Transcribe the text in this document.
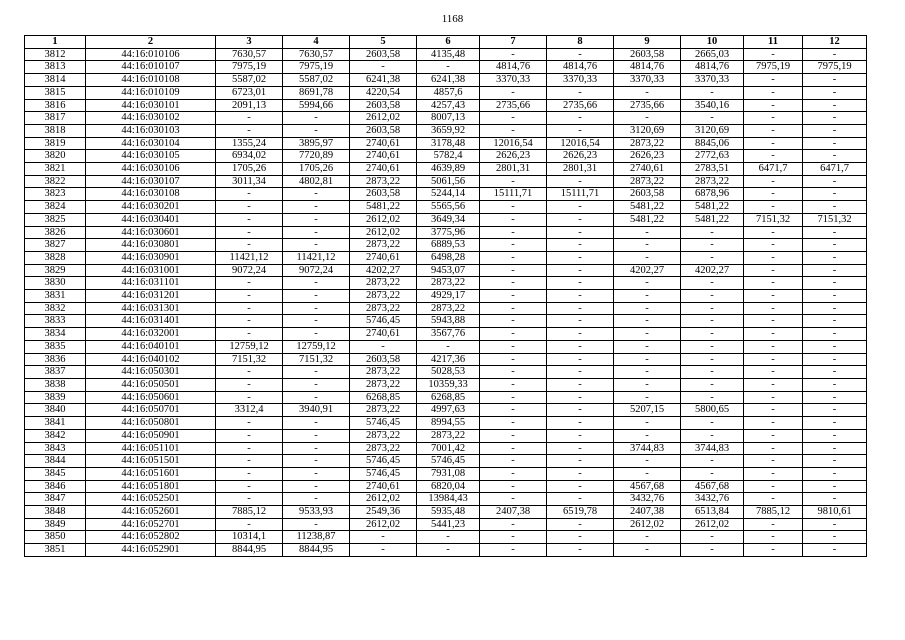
1168
1	2	3	4	5	6	7	8	9	10	11	12
3812	44:16:010106	7630,57	7630,57	2603,58	4135,48	-	-	2603,58	2665,03	-	-
3813	44:16:010107	7975,19	7975,19	-	-	4814,76	4814,76	4814,76	4814,76	7975,19	7975,19
3814	44:16:010108	5587,02	5587,02	6241,38	6241,38	3370,33	3370,33	3370,33	3370,33	-	-
3815	44:16:010109	6723,01	8691,78	4220,54	4857,6	-	-	-	-	-	-
3816	44:16:030101	2091,13	5994,66	2603,58	4257,43	2735,66	2735,66	2735,66	3540,16	-	-
3817	44:16:030102	-	-	2612,02	8007,13	-	-	-	-	-	-
3818	44:16:030103	-	-	2603,58	3659,92	-	-	3120,69	3120,69	-	-
3819	44:16:030104	1355,24	3895,97	2740,61	3178,48	12016,54	12016,54	2873,22	8845,06	-	-
3820	44:16:030105	6934,02	7720,89	2740,61	5782,4	2626,23	2626,23	2626,23	2772,63	-	-
3821	44:16:030106	1705,26	1705,26	2740,61	4639,89	2801,31	2801,31	2740,61	2783,51	6471,7	6471,7
3822	44:16:030107	3011,34	4802,81	2873,22	5061,56	-	-	2873,22	2873,22	-	-
3823	44:16:030108	-	-	2603,58	5244,14	15111,71	15111,71	2603,58	6878,96	-	-
3824	44:16:030201	-	-	5481,22	5565,56	-	-	5481,22	5481,22	-	-
3825	44:16:030401	-	-	2612,02	3649,34	-	-	5481,22	5481,22	7151,32	7151,32
3826	44:16:030601	-	-	2612,02	3775,96	-	-	-	-	-	-
3827	44:16:030801	-	-	2873,22	6889,53	-	-	-	-	-	-
3828	44:16:030901	11421,12	11421,12	2740,61	6498,28	-	-	-	-	-	-
3829	44:16:031001	9072,24	9072,24	4202,27	9453,07	-	-	4202,27	4202,27	-	-
3830	44:16:031101	-	-	2873,22	2873,22	-	-	-	-	-	-
3831	44:16:031201	-	-	2873,22	4929,17	-	-	-	-	-	-
3832	44:16:031301	-	-	2873,22	2873,22	-	-	-	-	-	-
3833	44:16:031401	-	-	5746,45	5943,88	-	-	-	-	-	-
3834	44:16:032001	-	-	2740,61	3567,76	-	-	-	-	-	-
3835	44:16:040101	12759,12	12759,12	-	-	-	-	-	-	-	-
3836	44:16:040102	7151,32	7151,32	2603,58	4217,36	-	-	-	-	-	-
3837	44:16:050301	-	-	2873,22	5028,53	-	-	-	-	-	-
3838	44:16:050501	-	-	2873,22	10359,33	-	-	-	-	-	-
3839	44:16:050601	-	-	6268,85	6268,85	-	-	-	-	-	-
3840	44:16:050701	3312,4	3940,91	2873,22	4997,63	-	-	5207,15	5800,65	-	-
3841	44:16:050801	-	-	5746,45	8994,55	-	-	-	-	-	-
3842	44:16:050901	-	-	2873,22	2873,22	-	-	-	-	-	-
3843	44:16:051101	-	-	2873,22	7001,42	-	-	3744,83	3744,83	-	-
3844	44:16:051501	-	-	5746,45	5746,45	-	-	-	-	-	-
3845	44:16:051601	-	-	5746,45	7931,08	-	-	-	-	-	-
3846	44:16:051801	-	-	2740,61	6820,04	-	-	4567,68	4567,68	-	-
3847	44:16:052501	-	-	2612,02	13984,43	-	-	3432,76	3432,76	-	-
3848	44:16:052601	7885,12	9533,93	2549,36	5935,48	2407,38	6519,78	2407,38	6513,84	7885,12	9810,61
3849	44:16:052701	-	-	2612,02	5441,23	-	-	2612,02	2612,02	-	-
3850	44:16:052802	10314,1	11238,87	-	-	-	-	-	-	-	-
3851	44:16:052901	8844,95	8844,95	-	-	-	-	-	-	-	-
